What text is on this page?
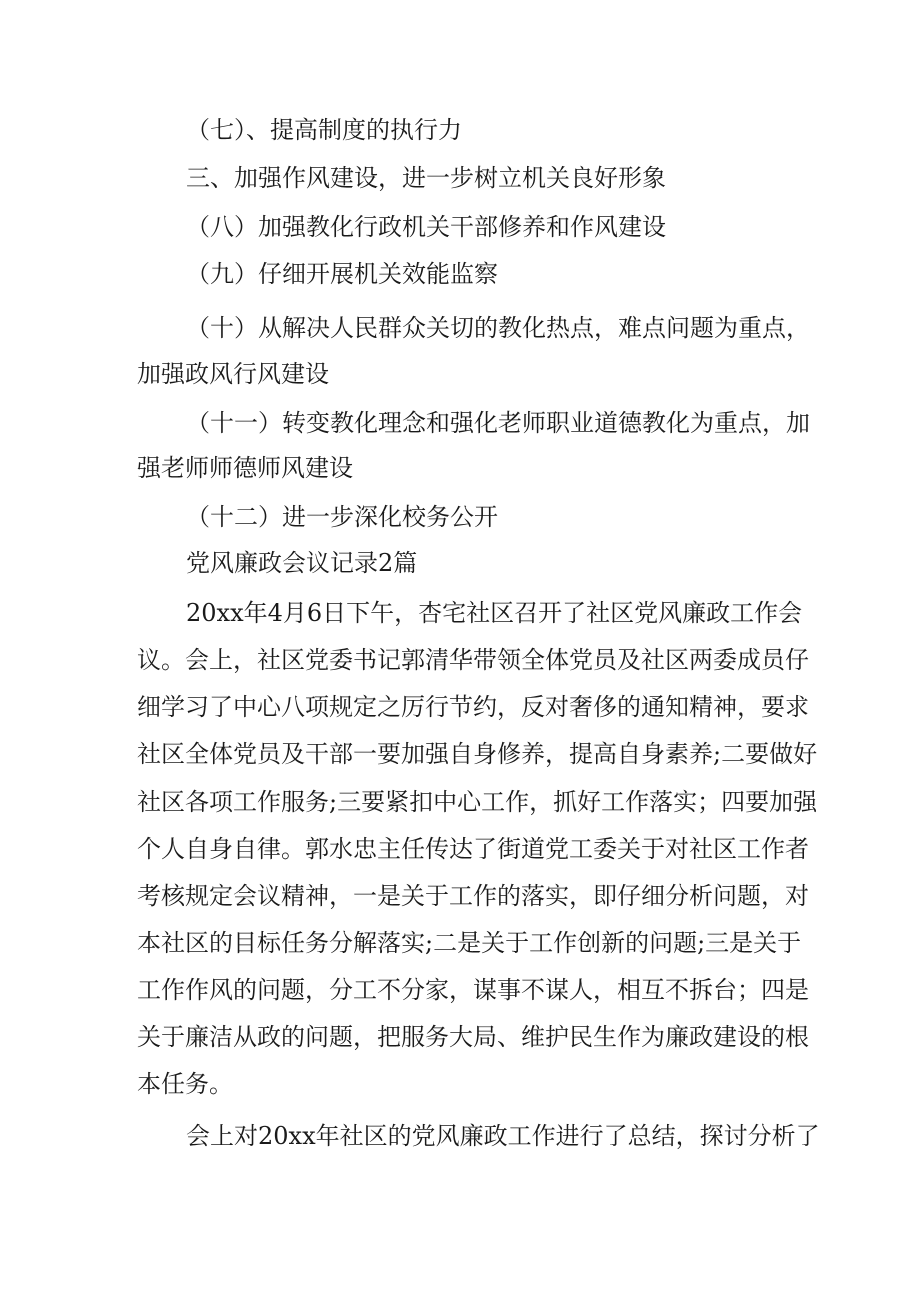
（七）、提高制度的执行力
三、加强作风建设，进一步树立机关良好形象
（八）加强教化行政机关干部修养和作风建设
（九）仔细开展机关效能监察
（十）从解决人民群众关切的教化热点，难点问题为重点，
加强政风行风建设
（十一）转变教化理念和强化老师职业道德教化为重点，加
强老师师德师风建设
（十二）进一步深化校务公开
党风廉政会议记录2篇
20xx年4月6日下午，杏宅社区召开了社区党风廉政工作会
议。会上，社区党委书记郭清华带领全体党员及社区两委成员仔
细学习了中心八项规定之厉行节约，反对奢侈的通知精神，要求
社区全体党员及干部一要加强自身修养，提高自身素养;二要做好
社区各项工作服务;三要紧扣中心工作，抓好工作落实；四要加强
个人自身自律。郭水忠主任传达了街道党工委关于对社区工作者
考核规定会议精神，一是关于工作的落实，即仔细分析问题，对
本社区的目标任务分解落实;二是关于工作创新的问题;三是关于
工作作风的问题，分工不分家，谋事不谋人，相互不拆台；四是
关于廉洁从政的问题，把服务大局、维护民生作为廉政建设的根
本任务。
会上对20xx年社区的党风廉政工作进行了总结，探讨分析了
